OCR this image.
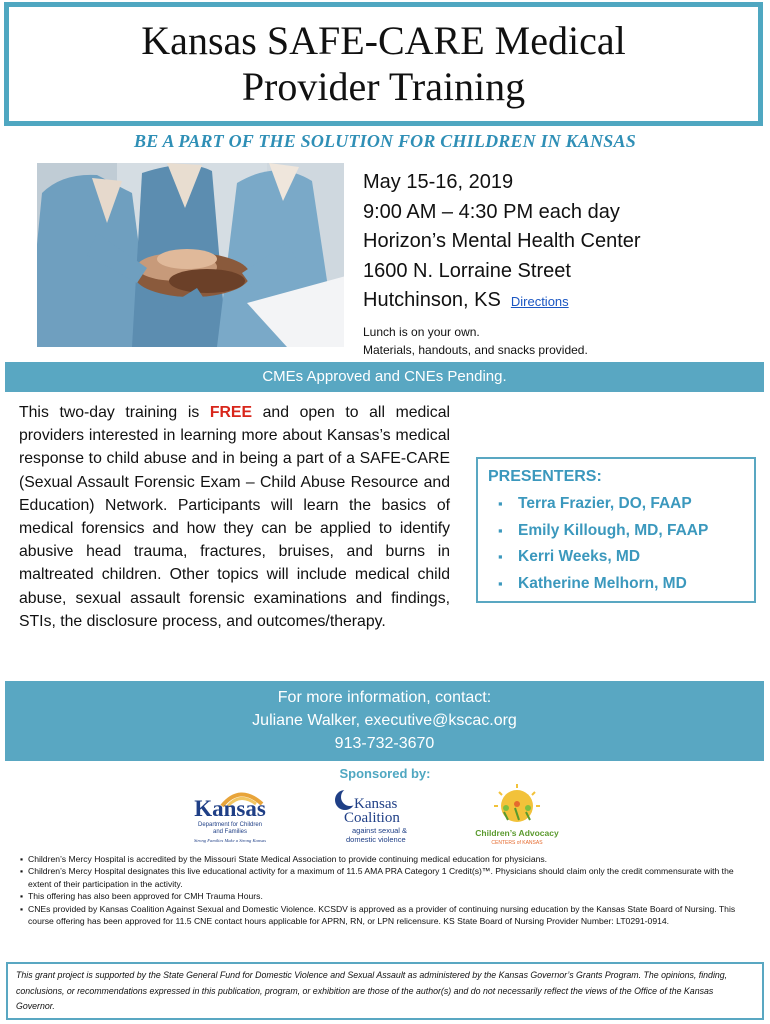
Kansas SAFE-CARE Medical
Provider Training
BE A PART OF THE SOLUTION FOR CHILDREN IN KANSAS
May 15-16, 2019
9:00 AM – 4:30 PM each day
Horizon’s Mental Health Center
1600 N. Lorraine Street
Hutchinson, KS Directions
Lunch is on your own.
Materials, handouts, and snacks provided.
CMEs Approved and CNEs Pending.
This two-day training is FREE and open to all medical providers interested in learning more about Kansas’s medical response to child abuse and in being a part of a SAFE-CARE (Sexual Assault Forensic Exam – Child Abuse Resource and Education) Network. Participants will learn the basics of medical forensics and how they can be applied to identify abusive head trauma, fractures, bruises, and burns in maltreated children. Other topics will include medical child abuse, sexual assault forensic examinations and findings, STIs, the disclosure process, and outcomes/therapy.
PRESENTERS:
▪ Terra Frazier, DO, FAAP
▪ Emily Killough, MD, FAAP
▪ Kerri Weeks, MD
▪ Katherine Melhorn, MD
For more information, contact:
Juliane Walker, executive@kscac.org
913-732-3670
Sponsored by:
Kansas
Department for Children
and Families
Strong Families Make a Strong Kansas
Kansas
Coalition
against sexual &
domestic violence
Children’s Advocacy
CENTERS of KANSAS
▪ Children’s Mercy Hospital is accredited by the Missouri State Medical Association to provide continuing medical education for physicians.
▪ Children’s Mercy Hospital designates this live educational activity for a maximum of 11.5 AMA PRA Category 1 Credit(s)™. Physicians should claim only the credit commensurate with the extent of their participation in the activity.
▪ This offering has also been approved for CMH Trauma Hours.
▪ CNEs provided by Kansas Coalition Against Sexual and Domestic Violence. KCSDV is approved as a provider of continuing nursing education by the Kansas State Board of Nursing. This course offering has been approved for 11.5 CNE contact hours applicable for APRN, RN, or LPN relicensure. KS State Board of Nursing Provider Number: LT0291-0914.
This grant project is supported by the State General Fund for Domestic Violence and Sexual Assault as administered by the Kansas Governor’s Grants Program. The opinions, finding, conclusions, or recommendations expressed in this publication, program, or exhibition are those of the author(s) and do not necessarily reflect the views of the Office of the Kansas Governor.
